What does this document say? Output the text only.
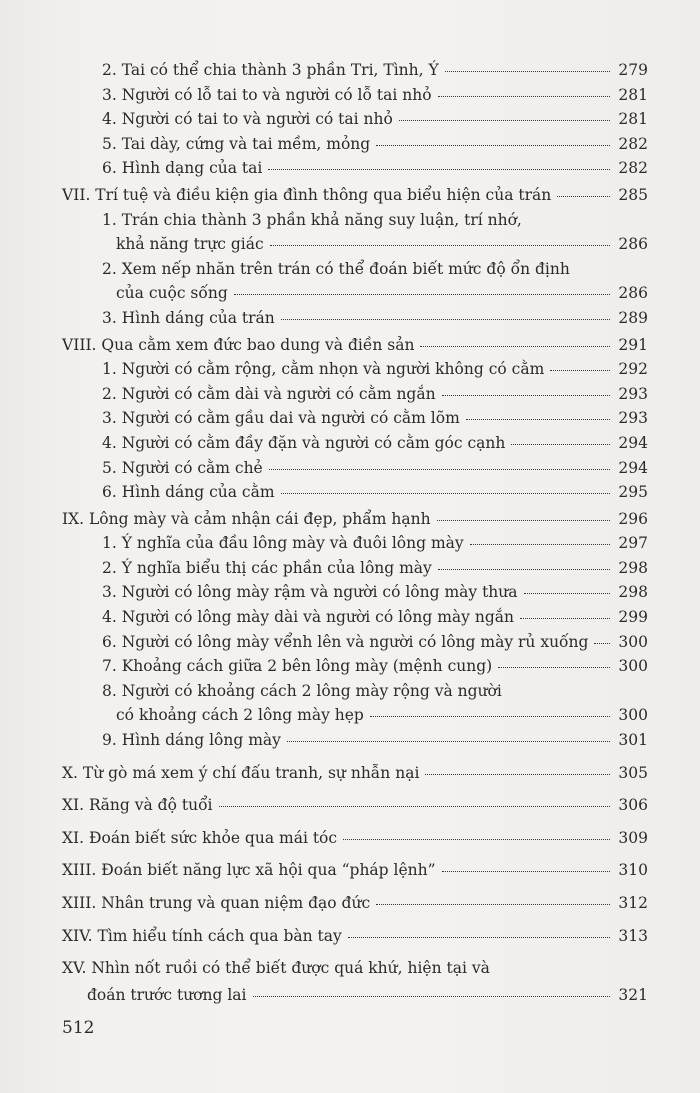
2. Tai có thể chia thành 3 phần Tri, Tình, Ý	279
3. Người có lỗ tai to và người có lỗ tai nhỏ	281
4. Người có tai to và người có tai nhỏ	281
5. Tai dày, cứng và tai mềm, mỏng	282
6. Hình dạng của tai	282
VII. Trí tuệ và điều kiện gia đình thông qua biểu hiện của trán	285
1. Trán chia thành 3 phần khả năng suy luận, trí nhớ,
khả năng trực giác	286
2. Xem nếp nhăn trên trán có thể đoán biết mức độ ổn định
của cuộc sống	286
3. Hình dáng của trán	289
VIII. Qua cằm xem đức bao dung và điền sản	291
1. Người có cằm rộng, cằm nhọn và người không có cằm	292
2. Người có cằm dài và người có cằm ngắn	293
3. Người có cằm gầu dai và người có cằm lõm	293
4. Người có cằm đầy đặn và người có cằm góc cạnh	294
5. Người có cằm chẻ	294
6. Hình dáng của cằm	295
IX. Lông mày và cảm nhận cái đẹp, phẩm hạnh	296
1. Ý nghĩa của đầu lông mày và đuôi lông mày	297
2. Ý nghĩa biểu thị các phần của lông mày	298
3. Người có lông mày rậm và người có lông mày thưa	298
4. Người có lông mày dài và người có lông mày ngắn	299
6. Người có lông mày vểnh lên và người có lông mày rủ xuống 300
7. Khoảng cách giữa 2 bên lông mày (mệnh cung)	300
8. Người có khoảng cách 2 lông mày rộng và người
có khoảng cách 2 lông mày hẹp	300
9. Hình dáng lông mày	301
X. Từ gò má xem ý chí đấu tranh, sự nhẫn nại	305
XI. Răng và độ tuổi	306
XI. Đoán biết sức khỏe qua mái tóc	309
XIII. Đoán biết năng lực xã hội qua “pháp lệnh”	310
XIII. Nhân trung và quan niệm đạo đức	312
XIV. Tìm hiểu tính cách qua bàn tay	313
XV. Nhìn nốt ruồi có thể biết được quá khứ, hiện tại và
đoán trước tương lai	321
512
